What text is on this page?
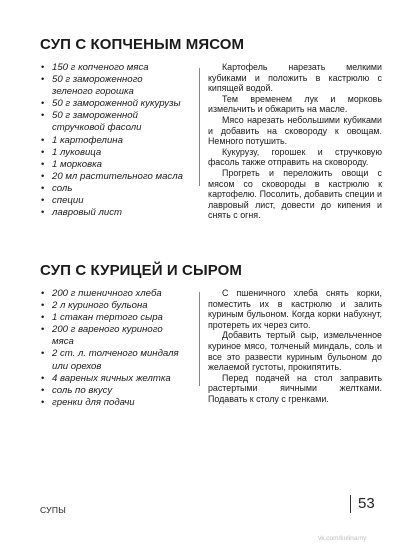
СУП С КОПЧЕНЫМ МЯСОМ
• 150 г копченого мяса
• 50 г замороженного зеленого горошка
• 50 г замороженной кукурузы
• 50 г замороженной стручковой фасоли
• 1 картофелина
• 1 луковица
• 1 морковка
• 20 мл растительного масла
• соль
• специи
• лавровый лист

Картофель нарезать мелкими кубиками и положить в кастрюлю с кипящей водой.

Тем временем лук и морковь измельчить и обжарить на масле.

Мясо нарезать небольшими кубиками и добавить на сковороду к овощам. Немного потушить.

Кукурузу, горошек и стручковую фасоль также отправить на сковороду.

Прогреть и переложить овощи с мясом со сковороды в кастрюлю к картофелю. Посолить, добавить специи и лавровый лист, довести до кипения и снять с огня.

СУП С КУРИЦЕЙ И СЫРОМ
• 200 г пшеничного хлеба
• 2 л куриного бульона
• 1 стакан тертого сыра
• 200 г вареного куриного мяса
• 2 ст. л. толченого миндаля или орехов
• 4 вареных яичных желтка
• соль по вкусу
• гренки для подачи

С пшеничного хлеба снять корки, поместить их в кастрюлю и залить куриным бульоном. Когда корки набухнут, протереть их через сито.

Добавить тертый сыр, измельченное куриное мясо, толченый миндаль, соль и все это развести куриным бульоном до желаемой густоты, прокипятить.

Перед подачей на стол заправить растертыми яичными желтками. Подавать к столу с гренками.

СУПЫ	53
vk.com/kulinarny
